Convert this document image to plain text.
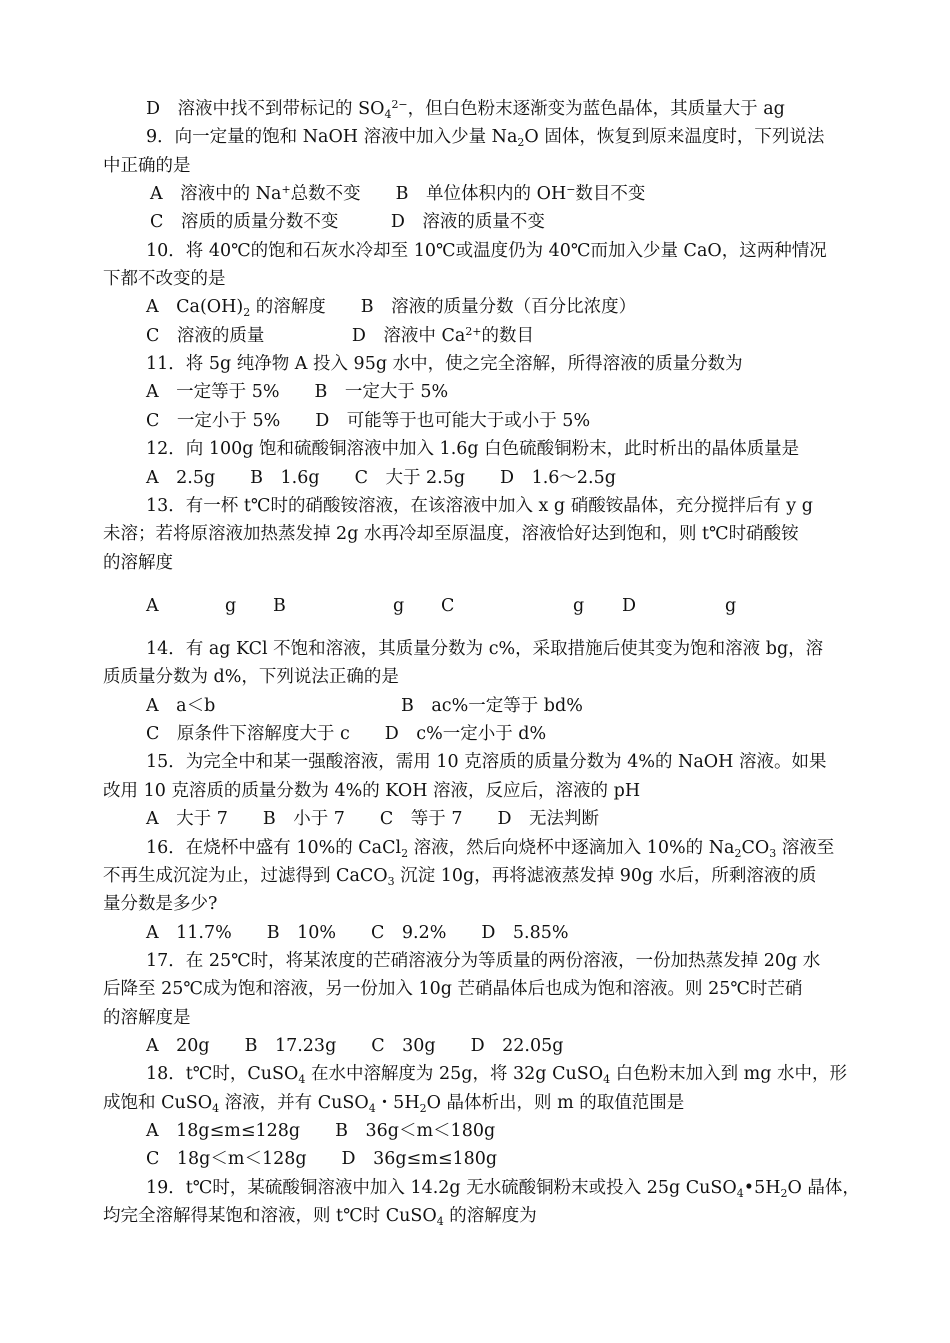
D　溶液中找不到带标记的 $SO_4^{2-}$，但白色粉末逐渐变为蓝色晶体，其质量大于 ag
9．向一定量的饱和 NaOH 溶液中加入少量 $Na_2O$ 固体，恢复到原来温度时，下列说法
中正确的是
A　溶液中的 Na+总数不变　　B　单位体积内的 OH−数目不变
C　溶质的质量分数不变　　　D　溶液的质量不变
10．将 40℃的饱和石灰水冷却至 10℃或温度仍为 40℃而加入少量 CaO，这两种情况
下都不改变的是
A　$Ca(OH)_2$ 的溶解度　　B　溶液的质量分数（百分比浓度）
C　溶液的质量　　　　　D　溶液中 $Ca^{2+}$的数目
11．将 5g 纯净物 A 投入 95g 水中，使之完全溶解，所得溶液的质量分数为
A　一定等于 5%　　B　一定大于 5%
C　一定小于 5%　　D　可能等于也可能大于或小于 5%
12．向 100g 饱和硫酸铜溶液中加入 1.6g 白色硫酸铜粉末，此时析出的晶体质量是
A　2.5g　　B　1.6g　　C　大于 2.5g　　D　1.6～2.5g
13．有一杯 t℃时的硝酸铵溶液，在该溶液中加入 x g 硝酸铵晶体，充分搅拌后有 y g
未溶；若将原溶液加热蒸发掉 2g 水再冷却至原温度，溶液恰好达到饱和，则 t℃时硝酸铵
的溶解度
A	g B	g C	g D	g
14．有 ag KCl 不饱和溶液，其质量分数为 c%，采取措施后使其变为饱和溶液 bg，溶
质质量分数为 d%，下列说法正确的是
A　a＜b	B　ac%一定等于 bd%
C　原条件下溶解度大于 c　　D　c%一定小于 d%
15．为完全中和某一强酸溶液，需用 10 克溶质的质量分数为 4%的 NaOH 溶液。如果
改用 10 克溶质的质量分数为 4%的 KOH 溶液，反应后，溶液的 pH
A　大于 7　　B　小于 7　　C　等于 7　　D　无法判断
16．在烧杯中盛有 10%的 CaCl$_2$ 溶液，然后向烧杯中逐滴加入 10%的 $Na_2CO_3$ 溶液至
不再生成沉淀为止，过滤得到 CaCO$_3$ 沉淀 10g，再将滤液蒸发掉 90g 水后，所剩溶液的质
量分数是多少?
A　11.7%　　B　10%　　C　9.2%　　D　5.85%
17．在 25℃时，将某浓度的芒硝溶液分为等质量的两份溶液，一份加热蒸发掉 20g 水
后降至 25℃成为饱和溶液，另一份加入 10g 芒硝晶体后也成为饱和溶液。则 25℃时芒硝
的溶解度是
A　20g　　B　17.23g　　C　30g　　D　22.05g
18．t℃时，CuSO$_4$ 在水中溶解度为 25g，将 32g CuSO$_4$ 白色粉末加入到 mg 水中，形
成饱和 CuSO$_4$ 溶液，并有 CuSO$_4$・$5H_2O$ 晶体析出，则 m 的取值范围是
A　18g≤m≤128g　　B　36g＜m＜180g
C　18g＜m＜128g　　D　36g≤m≤180g
19．t℃时，某硫酸铜溶液中加入 14.2g 无水硫酸铜粉末或投入 25g $CuSO_4•5H_2O$ 晶体，
均完全溶解得某饱和溶液，则 t℃时 CuSO$_4$ 的溶解度为
